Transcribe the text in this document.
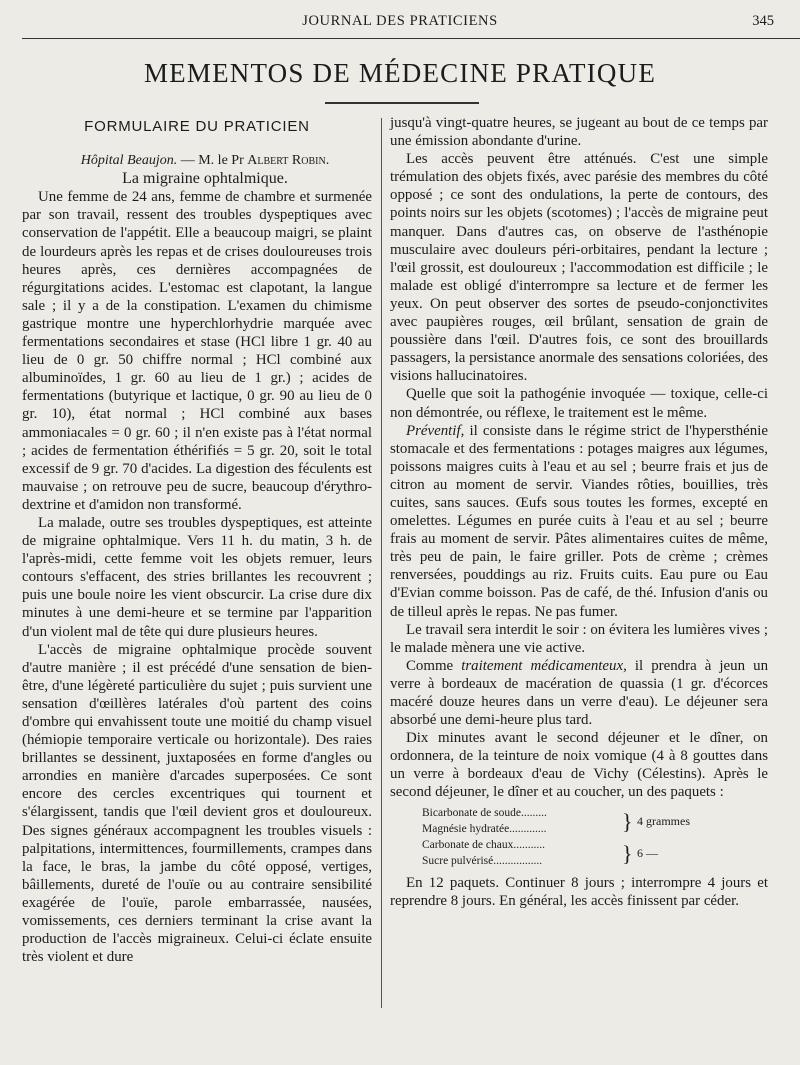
JOURNAL DES PRATICIENS	345
MEMENTOS DE MÉDECINE PRATIQUE
FORMULAIRE DU PRATICIEN

Hôpital Beaujon. — M. le Pr Albert Robin.

La migraine ophtalmique.

Une femme de 24 ans, femme de chambre et surmenée par son travail, ressent des troubles dyspeptiques avec conservation de l'appétit. Elle a beaucoup maigri, se plaint de lourdeurs après les repas et de crises douloureuses trois heures après, ces dernières accompagnées de régurgitations acides. L'estomac est clapotant, la langue sale ; il y a de la constipation. L'examen du chimisme gastrique montre une hyperchlorhydrie marquée avec fermentations secondaires et stase (HCl libre 1 gr. 40 au lieu de 0 gr. 50 chiffre normal ; HCl combiné aux albuminoïdes, 1 gr. 60 au lieu de 1 gr.) ; acides de fermentations (butyrique et lactique, 0 gr. 90 au lieu de 0 gr. 10), état normal ; HCl combiné aux bases ammoniacales = 0 gr. 60 ; il n'en existe pas à l'état normal ; acides de fermentation éthérifiés = 5 gr. 20, soit le total excessif de 9 gr. 70 d'acides. La digestion des féculents est mauvaise ; on retrouve peu de sucre, beaucoup d'érythro-dextrine et d'amidon non transformé.

La malade, outre ses troubles dyspeptiques, est atteinte de migraine ophtalmique. Vers 11 h. du matin, 3 h. de l'après-midi, cette femme voit les objets remuer, leurs contours s'effacent, des stries brillantes les recouvrent ; puis une boule noire les vient obscurcir. La crise dure dix minutes à une demi-heure et se termine par l'apparition d'un violent mal de tête qui dure plusieurs heures.

L'accès de migraine ophtalmique procède souvent d'autre manière ; il est précédé d'une sensation de bien-être, d'une légèreté particulière du sujet ; puis survient une sensation d'œillères latérales d'où partent des coins d'ombre qui envahissent toute une moitié du champ visuel (hémiopie temporaire verticale ou horizontale). Des raies brillantes se dessinent, juxtaposées en forme d'angles ou arrondies en manière d'arcades superposées. Ce sont encore des cercles excentriques qui tournent et s'élargissent, tandis que l'œil devient gros et douloureux. Des signes généraux accompagnent les troubles visuels : palpitations, intermittences, fourmillements, crampes dans la face, le bras, la jambe du côté opposé, vertiges, bâillements, dureté de l'ouïe ou au contraire sensibilité exagérée de l'ouïe, parole embarrassée, nausées, vomissements, ces derniers terminant la crise avant la production de l'accès migraineux. Celui-ci éclate ensuite très violent et dure

jusqu'à vingt-quatre heures, se jugeant au bout de ce temps par une émission abondante d'urine.

Les accès peuvent être atténués. C'est une simple trémulation des objets fixés, avec parésie des membres du côté opposé ; ce sont des ondulations, la perte de contours, des points noirs sur les objets (scotomes) ; l'accès de migraine peut manquer. Dans d'autres cas, on observe de l'asthénopie musculaire avec douleurs péri-orbitaires, pendant la lecture ; l'œil grossit, est douloureux ; l'accommodation est difficile ; le malade est obligé d'interrompre sa lecture et de fermer les yeux. On peut observer des sortes de pseudo-conjonctivites avec paupières rouges, œil brûlant, sensation de grain de poussière dans l'œil. D'autres fois, ce sont des brouillards passagers, la persistance anormale des sensations coloriées, des visions hallucinatoires.

Quelle que soit la pathogénie invoquée — toxique, celle-ci non démontrée, ou réflexe, le traitement est le même.

Préventif, il consiste dans le régime strict de l'hypersthénie stomacale et des fermentations : potages maigres aux légumes, poissons maigres cuits à l'eau et au sel ; beurre frais et jus de citron au moment de servir. Viandes rôties, bouillies, très cuites, sans sauces. Œufs sous toutes les formes, excepté en omelettes. Légumes en purée cuits à l'eau et au sel ; beurre frais au moment de servir. Pâtes alimentaires cuites de même, très peu de pain, le faire griller. Pots de crème ; crèmes renversées, pouddings au riz. Fruits cuits. Eau pure ou Eau d'Evian comme boisson. Pas de café, de thé. Infusion d'anis ou de tilleul après le repas. Ne pas fumer.

Le travail sera interdit le soir : on évitera les lumières vives ; le malade mènera une vie active.

Comme traitement médicamenteux, il prendra à jeun un verre à bordeaux de macération de quassia (1 gr. d'écorces macéré douze heures dans un verre d'eau). Le déjeuner sera absorbé une demi-heure plus tard.

Dix minutes avant le second déjeuner et le dîner, on ordonnera, de la teinture de noix vomique (4 à 8 gouttes dans un verre à bordeaux d'eau de Vichy (Célestins). Après le second déjeuner, le dîner et au coucher, un des paquets :

Bicarbonate de soude.........
Magnésie hydratée.............
Carbonate de chaux...........
Sucre pulvérisé.................
}
}
4 grammes
6 —

En 12 paquets. Continuer 8 jours ; interrompre 4 jours et reprendre 8 jours. En général, les accès finissent par céder.
